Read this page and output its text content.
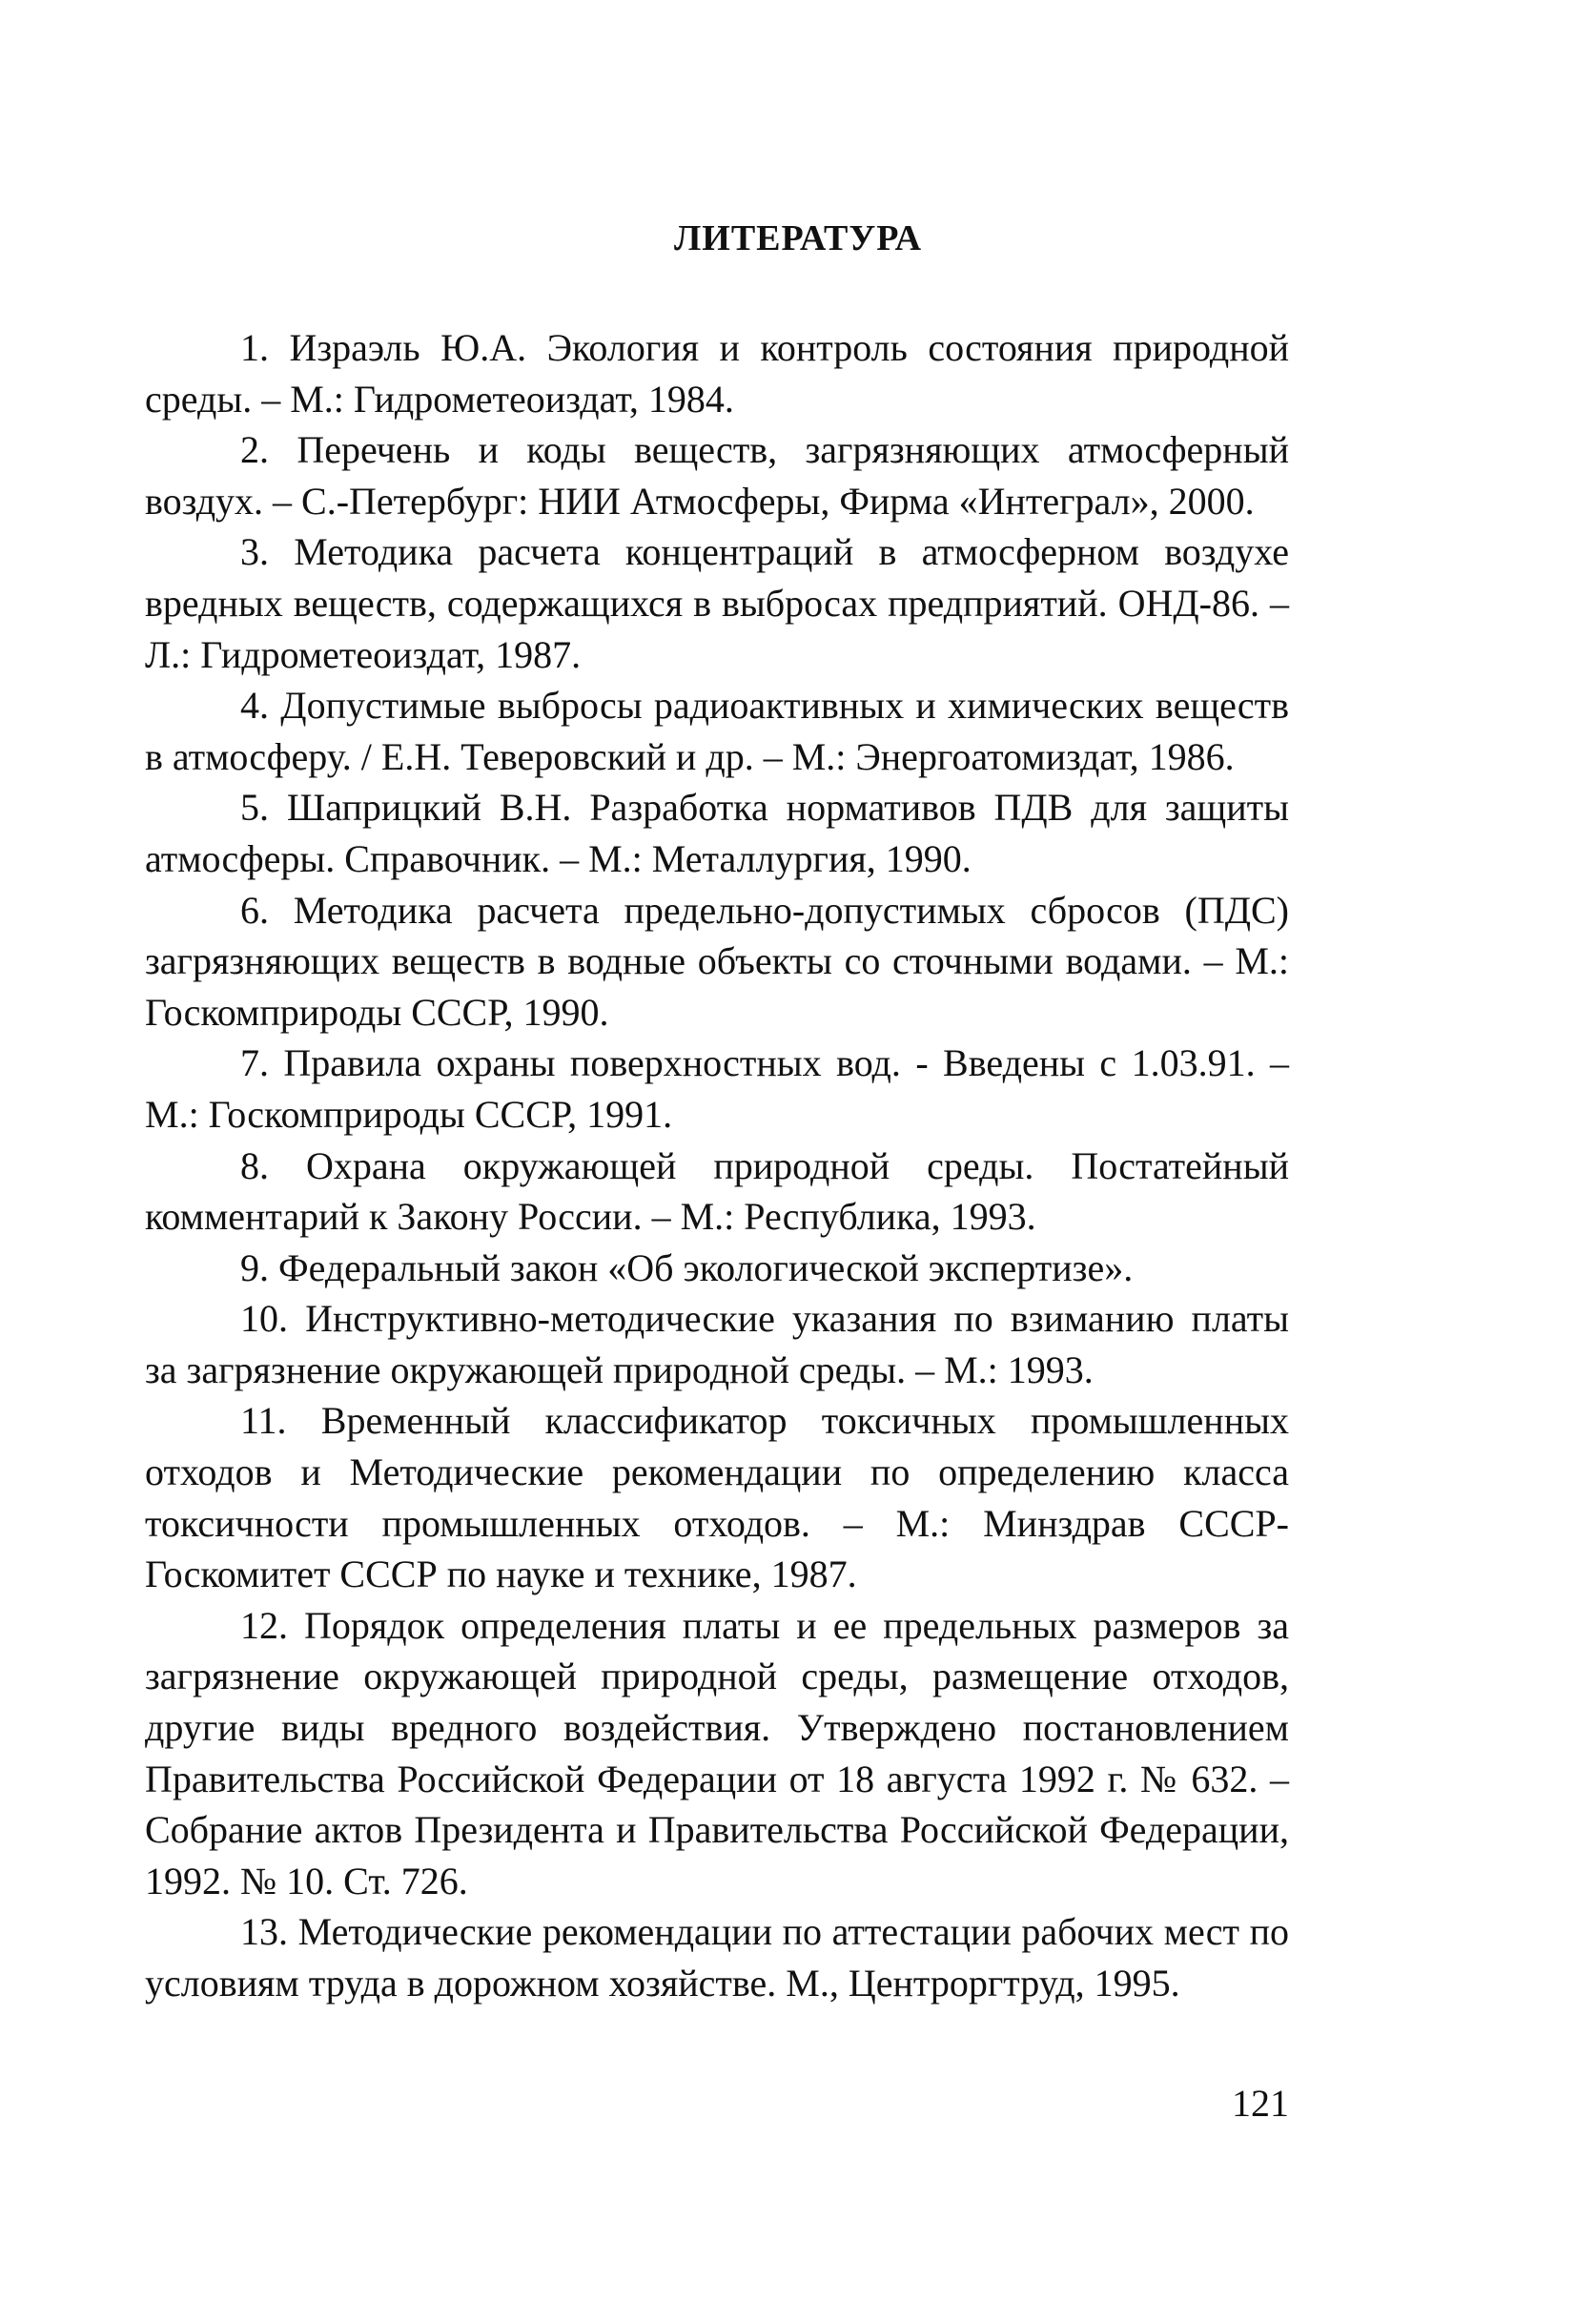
ЛИТЕРАТУРА
1. Израэль Ю.А. Экология и контроль состояния природной среды. – М.: Гидрометеоиздат, 1984.
2. Перечень и коды веществ, загрязняющих атмосферный воздух. – С.-Петербург: НИИ Атмосферы, Фирма «Интеграл», 2000.
3. Методика расчета концентраций в атмосферном воздухе вредных веществ, содержащихся в выбросах предприятий. ОНД-86. – Л.: Гидрометеоиздат, 1987.
4. Допустимые выбросы радиоактивных и химических веществ в атмосферу. / Е.Н. Теверовский и др. – М.: Энергоатомиздат, 1986.
5. Шаприцкий В.Н. Разработка нормативов ПДВ для защиты атмосферы. Справочник. – М.: Металлургия, 1990.
6. Методика расчета предельно-допустимых сбросов (ПДС) загрязняющих веществ в водные объекты со сточными водами. – М.: Госкомприроды СССР, 1990.
7. Правила охраны поверхностных вод. - Введены с 1.03.91. – М.: Госкомприроды СССР, 1991.
8. Охрана окружающей природной среды. Постатейный комментарий к Закону России. – М.: Республика, 1993.
9. Федеральный закон «Об экологической экспертизе».
10. Инструктивно-методические указания по взиманию платы за загрязнение окружающей природной среды. – М.: 1993.
11. Временный классификатор токсичных промышленных отходов и Методические рекомендации по определению класса токсичности промышленных отходов. – М.: Минздрав СССР-Госкомитет СССР по науке и технике, 1987.
12. Порядок определения платы и ее предельных размеров за загрязнение окружающей природной среды, размещение отходов, другие виды вредного воздействия. Утверждено постановлением Правительства Российской Федерации от 18 августа 1992 г. № 632. – Собрание актов Президента и Правительства Российской Федерации, 1992. № 10. Ст. 726.
13. Методические рекомендации по аттестации рабочих мест по условиям труда в дорожном хозяйстве. М., Центроргтруд, 1995.
121
